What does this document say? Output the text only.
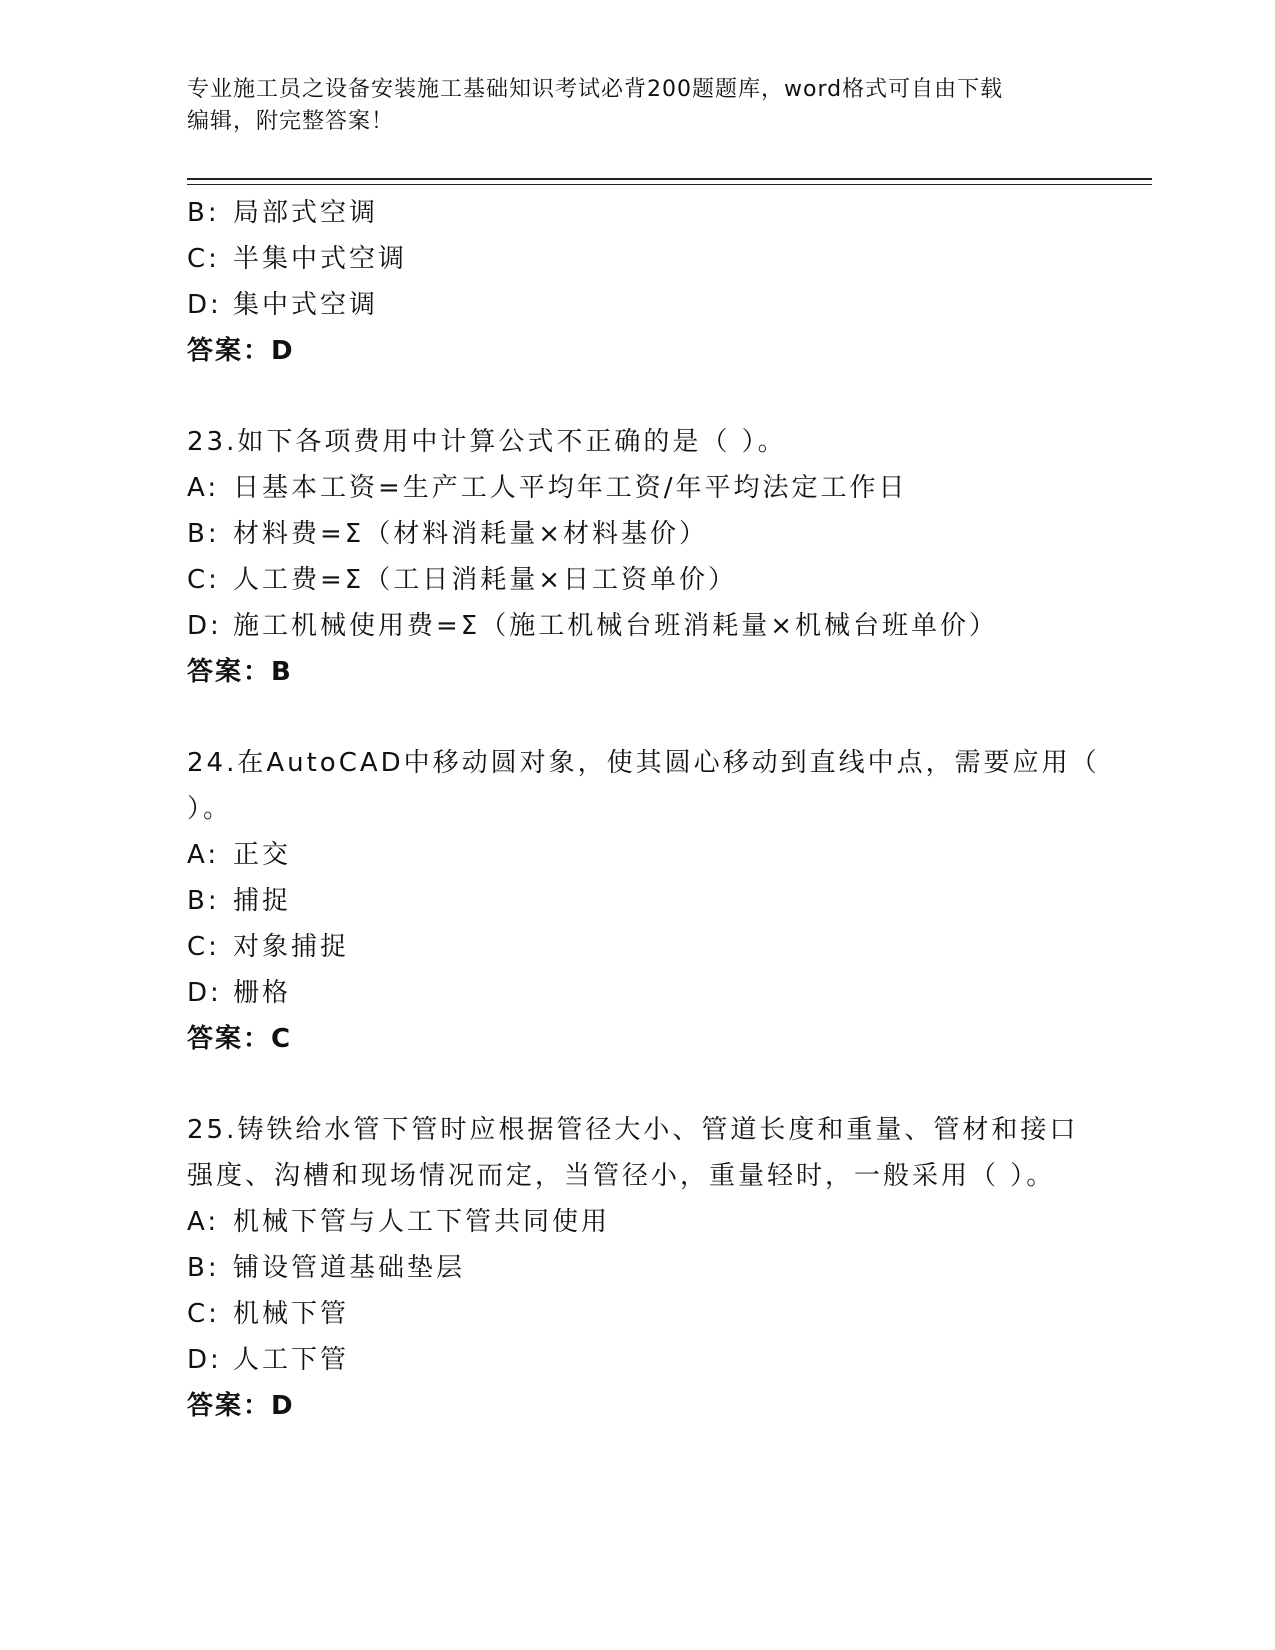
专业施工员之设备安装施工基础知识考试必背200题题库，word格式可自由下载
编辑，附完整答案！
B: 局部式空调
C: 半集中式空调
D: 集中式空调
答案：D
23.如下各项费用中计算公式不正确的是（ ）。
A: 日基本工资=生产工人平均年工资/年平均法定工作日
B: 材料费=Σ（材料消耗量×材料基价）
C: 人工费=Σ（工日消耗量×日工资单价）
D: 施工机械使用费=Σ（施工机械台班消耗量×机械台班单价）
答案：B
24.在AutoCAD中移动圆对象，使其圆心移动到直线中点，需要应用（
）。
A: 正交
B: 捕捉
C: 对象捕捉
D: 栅格
答案：C
25.铸铁给水管下管时应根据管径大小、管道长度和重量、管材和接口
强度、沟槽和现场情况而定，当管径小，重量轻时，一般采用（ ）。
A: 机械下管与人工下管共同使用
B: 铺设管道基础垫层
C: 机械下管
D: 人工下管
答案：D
